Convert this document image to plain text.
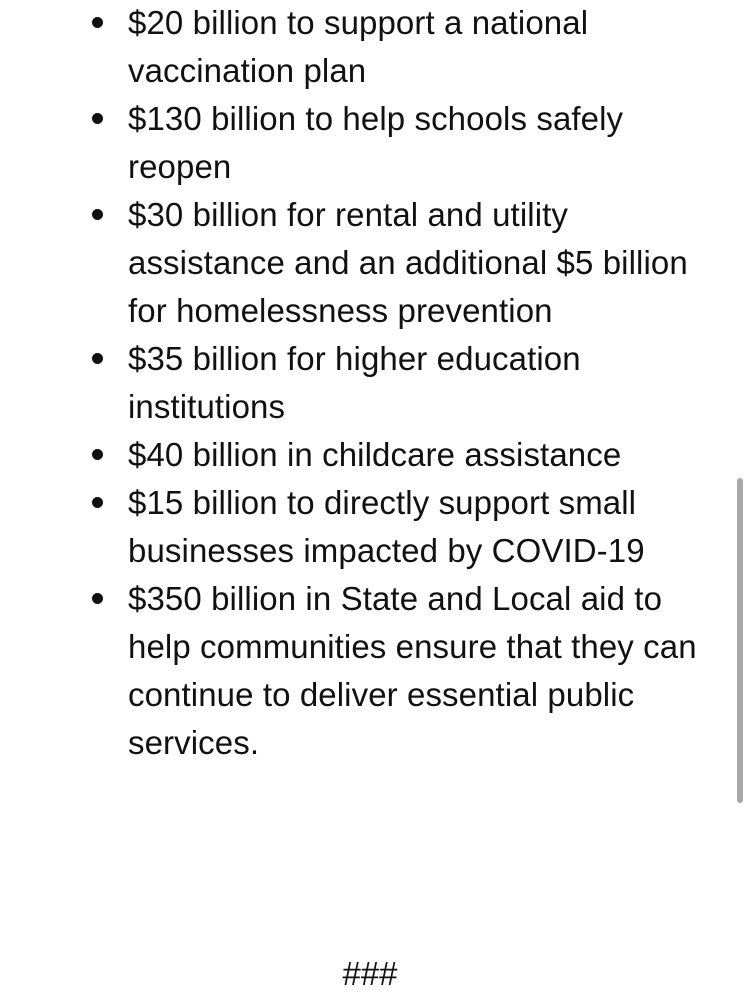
$20 billion to support a national vaccination plan
$130 billion to help schools safely reopen
$30 billion for rental and utility assistance and an additional $5 billion for homelessness prevention
$35 billion for higher education institutions
$40 billion in childcare assistance
$15 billion to directly support small businesses impacted by COVID-19
$350 billion in State and Local aid to help communities ensure that they can continue to deliver essential public services.
###
